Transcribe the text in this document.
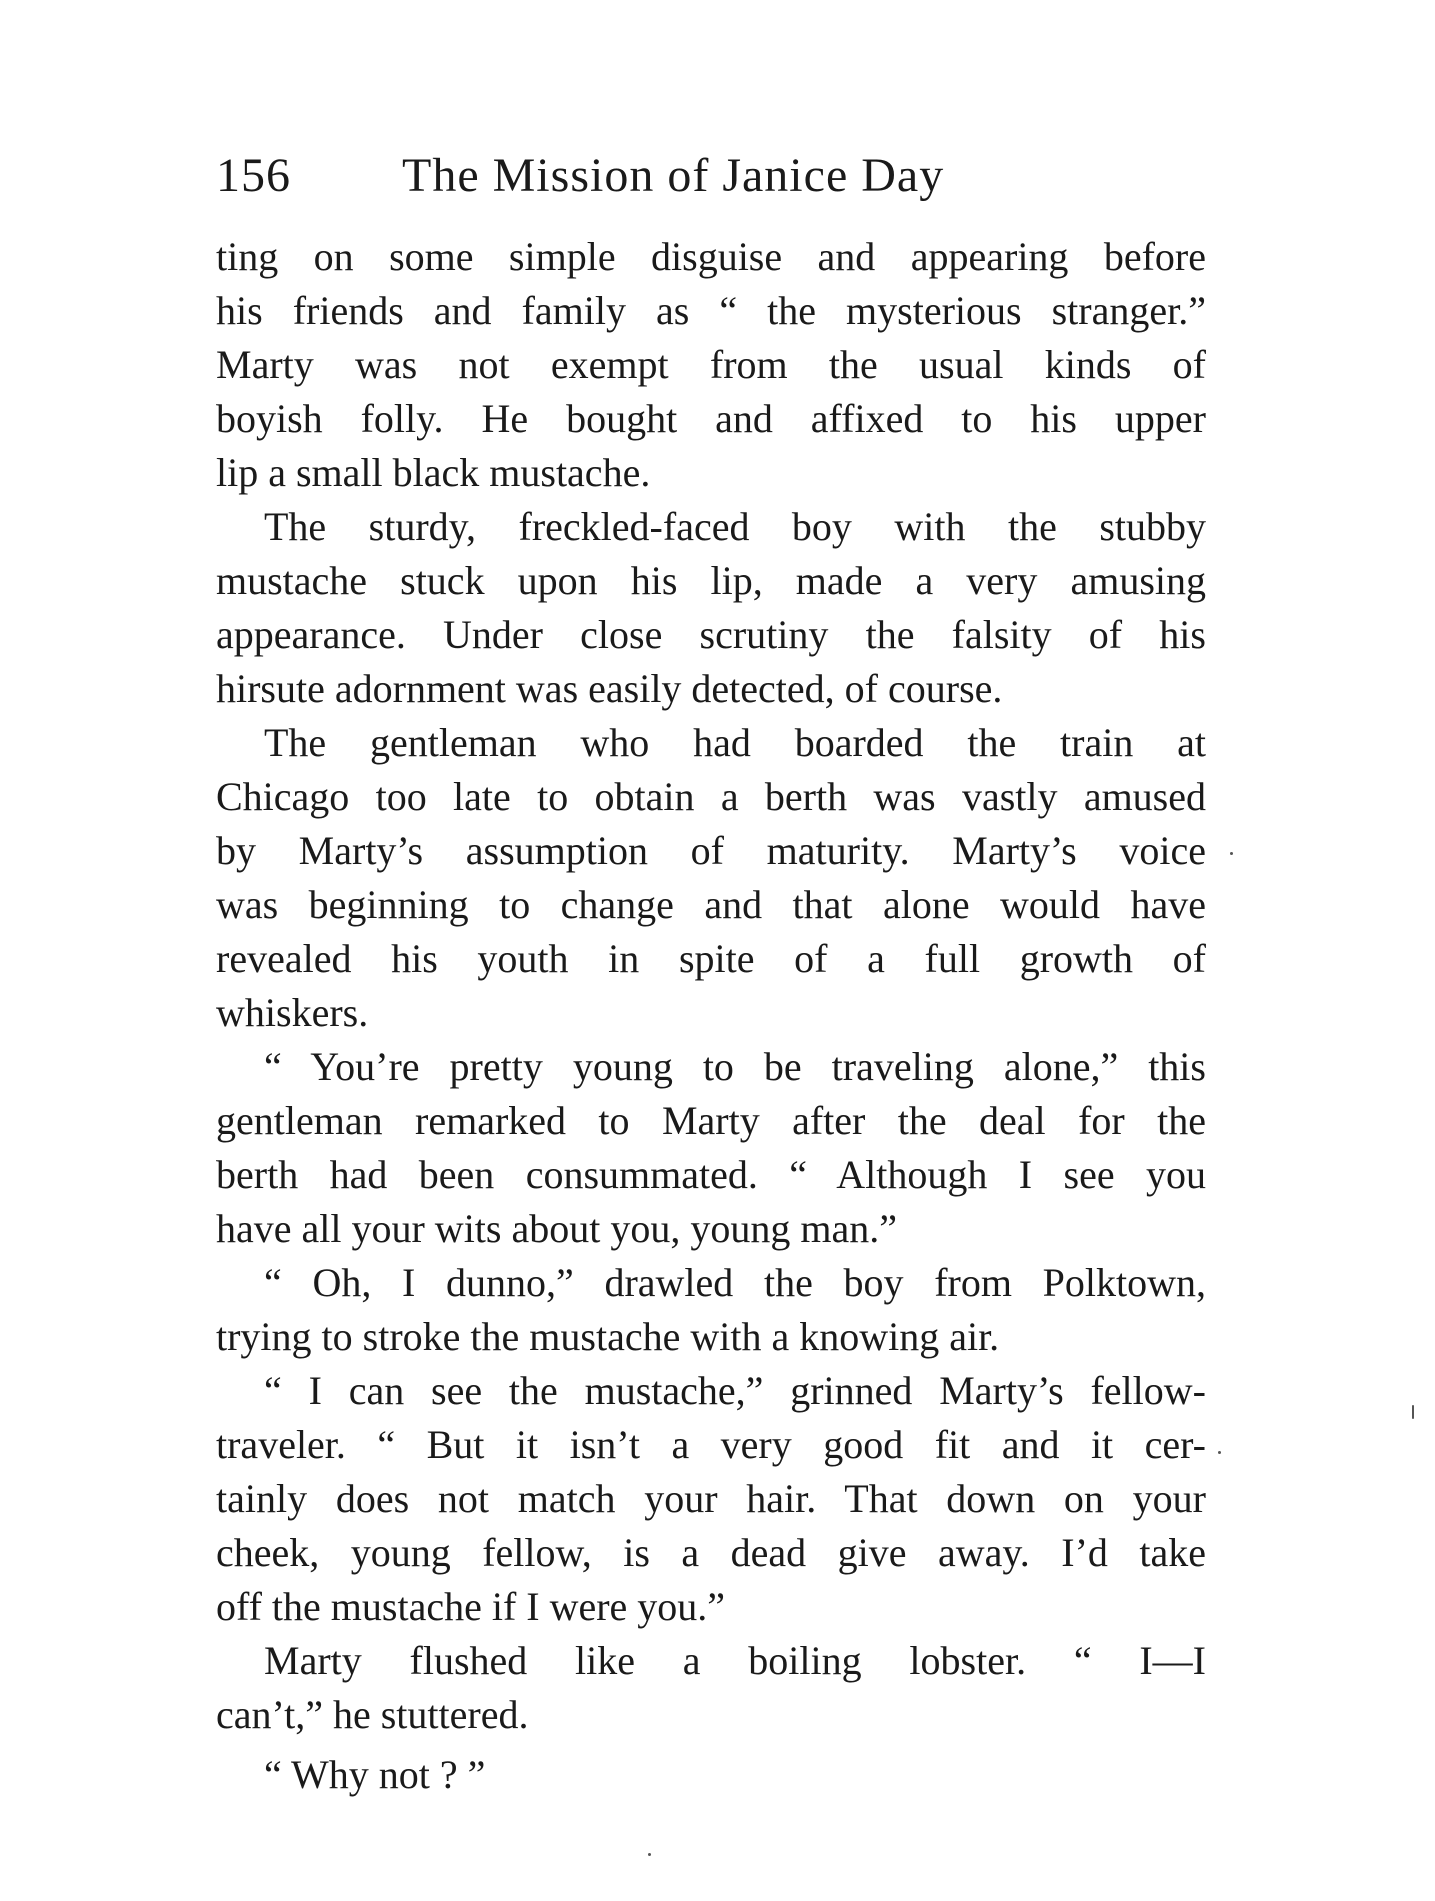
156 The Mission of Janice Day
ting on some simple disguise and appearing before
his friends and family as “ the mysterious stranger.”
Marty was not exempt from the usual kinds of
boyish folly. He bought and affixed to his upper
lip a small black mustache.
The sturdy, freckled-faced boy with the stubby
mustache stuck upon his lip, made a very amusing
appearance. Under close scrutiny the falsity of his
hirsute adornment was easily detected, of course.
The gentleman who had boarded the train at
Chicago too late to obtain a berth was vastly amused
by Marty’s assumption of maturity. Marty’s voice
was beginning to change and that alone would have
revealed his youth in spite of a full growth of
whiskers.
“ You’re pretty young to be traveling alone,” this
gentleman remarked to Marty after the deal for the
berth had been consummated. “ Although I see you
have all your wits about you, young man.”
“ Oh, I dunno,” drawled the boy from Polktown,
trying to stroke the mustache with a knowing air.
“ I can see the mustache,” grinned Marty’s fellow-
traveler. “ But it isn’t a very good fit and it cer-
tainly does not match your hair. That down on your
cheek, young fellow, is a dead give away. I’d take
off the mustache if I were you.”
Marty flushed like a boiling lobster. “ I—I
can’t,” he stuttered.
“ Why not ? ”
